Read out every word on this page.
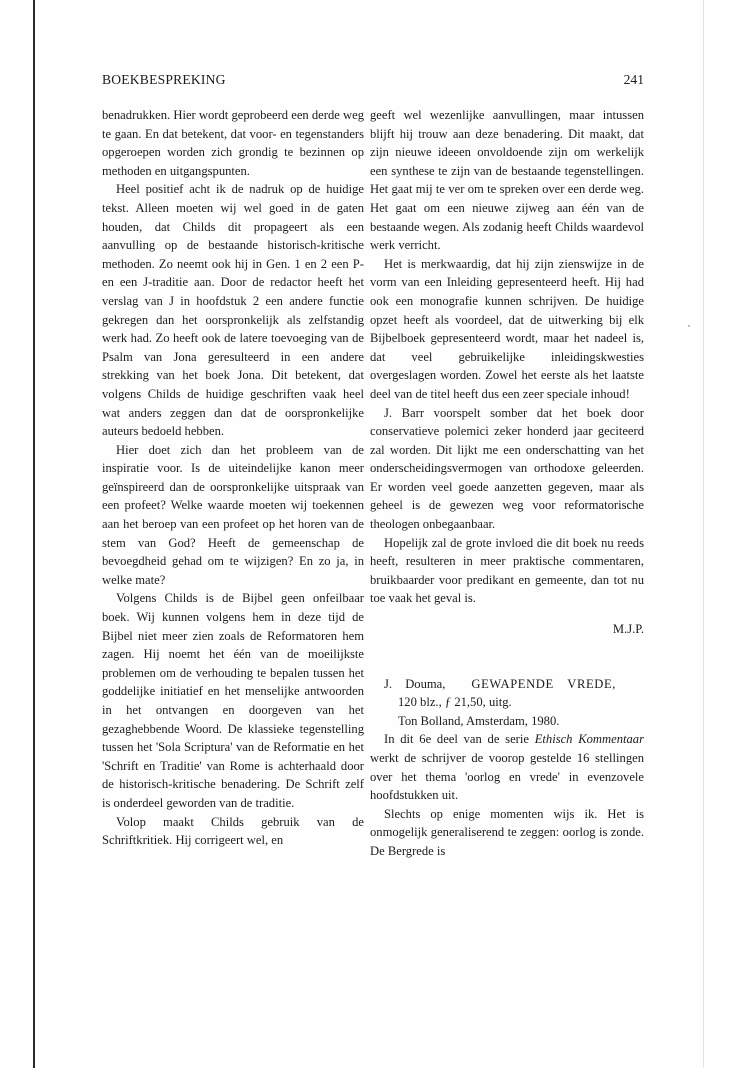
BOEKBESPREKING	241

benadrukken. Hier wordt geprobeerd een derde weg te gaan. En dat betekent, dat voor- en tegenstanders opgeroepen worden zich grondig te bezinnen op methoden en uitgangspunten.

Heel positief acht ik de nadruk op de huidige tekst. Alleen moeten wij wel goed in de gaten houden, dat Childs dit propageert als een aanvulling op de bestaande historisch-kritische methoden. Zo neemt ook hij in Gen. 1 en 2 een P- en een J-traditie aan. Door de redactor heeft het verslag van J in hoofdstuk 2 een andere functie gekregen dan het oorspronkelijk als zelfstandig werk had. Zo heeft ook de latere toevoeging van de Psalm van Jona geresulteerd in een andere strekking van het boek Jona. Dit betekent, dat volgens Childs de huidige geschriften vaak heel wat anders zeggen dan dat de oorspronkelijke auteurs bedoeld hebben.

Hier doet zich dan het probleem van de inspiratie voor. Is de uiteindelijke kanon meer geïnspireerd dan de oorspronkelijke uitspraak van een profeet? Welke waarde moeten wij toekennen aan het beroep van een profeet op het horen van de stem van God? Heeft de gemeenschap de bevoegdheid gehad om te wijzigen? En zo ja, in welke mate?

Volgens Childs is de Bijbel geen onfeilbaar boek. Wij kunnen volgens hem in deze tijd de Bijbel niet meer zien zoals de Reformatoren hem zagen. Hij noemt het één van de moeilijkste problemen om de verhouding te bepalen tussen het goddelijke initiatief en het menselijke antwoorden in het ontvangen en doorgeven van het gezaghebbende Woord. De klassieke tegenstelling tussen het 'Sola Scriptura' van de Reformatie en het 'Schrift en Traditie' van Rome is achterhaald door de historisch-kritische benadering. De Schrift zelf is onderdeel geworden van de traditie.

Volop maakt Childs gebruik van de Schriftkritiek. Hij corrigeert wel, en

geeft wel wezenlijke aanvullingen, maar intussen blijft hij trouw aan deze benadering. Dit maakt, dat zijn nieuwe ideeen onvoldoende zijn om werkelijk een synthese te zijn van de bestaande tegenstellingen. Het gaat mij te ver om te spreken over een derde weg. Het gaat om een nieuwe zijweg aan één van de bestaande wegen. Als zodanig heeft Childs waardevol werk verricht.

Het is merkwaardig, dat hij zijn zienswijze in de vorm van een Inleiding gepresenteerd heeft. Hij had ook een monografie kunnen schrijven. De huidige opzet heeft als voordeel, dat de uitwerking bij elk Bijbelboek gepresenteerd wordt, maar het nadeel is, dat veel gebruikelijke inleidingskwesties overgeslagen worden. Zowel het eerste als het laatste deel van de titel heeft dus een zeer speciale inhoud!

J. Barr voorspelt somber dat het boek door conservatieve polemici zeker honderd jaar geciteerd zal worden. Dit lijkt me een onderschatting van het onderscheidingsvermogen van orthodoxe geleerden. Er worden veel goede aanzetten gegeven, maar als geheel is de gewezen weg voor reformatorische theologen onbegaanbaar.

Hopelijk zal de grote invloed die dit boek nu reeds heeft, resulteren in meer praktische commentaren, bruikbaarder voor predikant en gemeente, dan tot nu toe vaak het geval is.

M.J.P.

J. Douma, GEWAPENDE VREDE,
120 blz., ƒ 21,50, uitg.
Ton Bolland, Amsterdam, 1980.

In dit 6e deel van de serie Ethisch Kommentaar werkt de schrijver de voorop gestelde 16 stellingen over het thema 'oorlog en vrede' in evenzovele hoofdstukken uit.

Slechts op enige momenten wijs ik. Het is onmogelijk generaliserend te zeggen: oorlog is zonde. De Bergrede is
